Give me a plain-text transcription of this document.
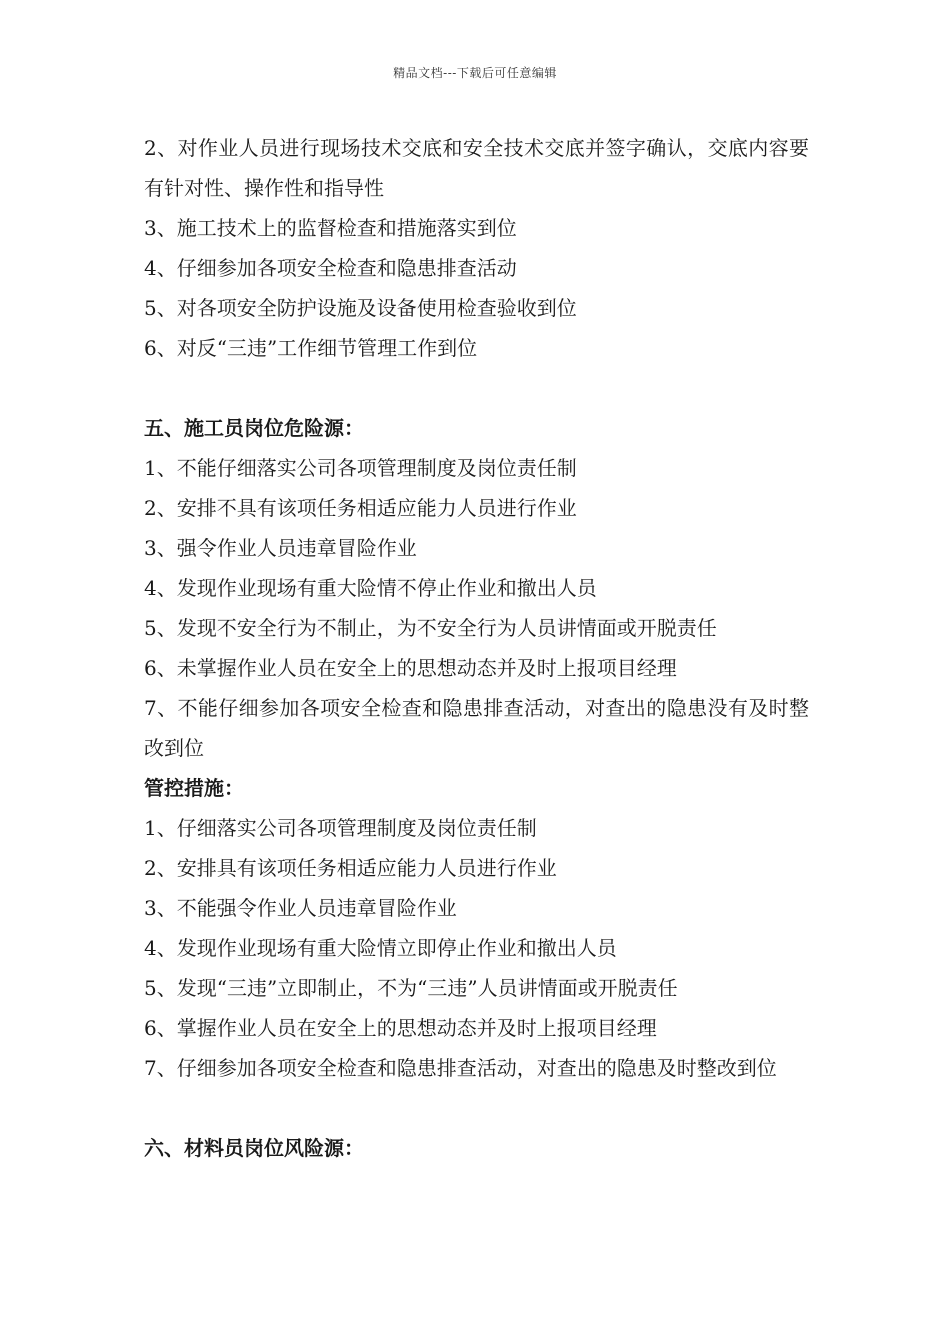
精品文档---下载后可任意编辑
2、对作业人员进行现场技术交底和安全技术交底并签字确认，交底内容要有针对性、操作性和指导性
3、施工技术上的监督检查和措施落实到位
4、仔细参加各项安全检查和隐患排查活动
5、对各项安全防护设施及设备使用检查验收到位
6、对反“三违”工作细节管理工作到位
五、施工员岗位危险源：
1、不能仔细落实公司各项管理制度及岗位责任制
2、安排不具有该项任务相适应能力人员进行作业
3、强令作业人员违章冒险作业
4、发现作业现场有重大险情不停止作业和撤出人员
5、发现不安全行为不制止，为不安全行为人员讲情面或开脱责任
6、未掌握作业人员在安全上的思想动态并及时上报项目经理
7、不能仔细参加各项安全检查和隐患排查活动，对查出的隐患没有及时整改到位
管控措施：
1、仔细落实公司各项管理制度及岗位责任制
2、安排具有该项任务相适应能力人员进行作业
3、不能强令作业人员违章冒险作业
4、发现作业现场有重大险情立即停止作业和撤出人员
5、发现“三违”立即制止，不为“三违”人员讲情面或开脱责任
6、掌握作业人员在安全上的思想动态并及时上报项目经理
7、仔细参加各项安全检查和隐患排查活动，对查出的隐患及时整改到位
六、材料员岗位风险源：
